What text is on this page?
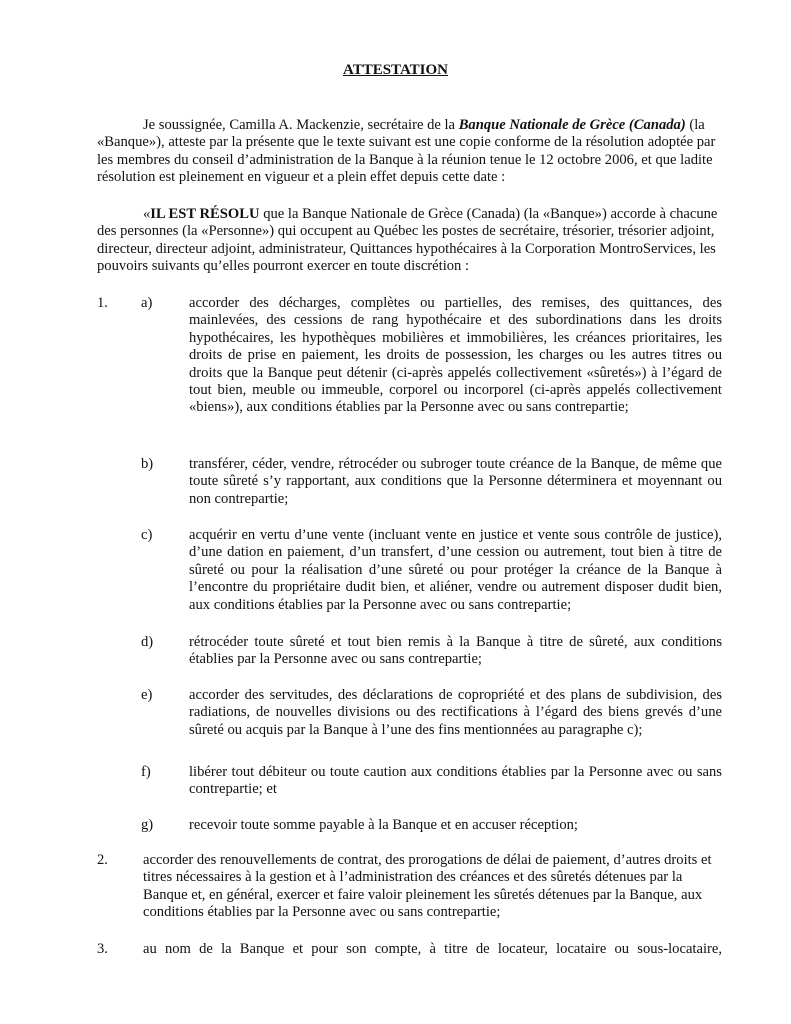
ATTESTATION

Je soussignée, Camilla A. Mackenzie, secrétaire de la Banque Nationale de Grèce (Canada) (la «Banque»), atteste par la présente que le texte suivant est une copie conforme de la résolution adoptée par les membres du conseil d’administration de la Banque à la réunion tenue le 12 octobre 2006, et que ladite résolution est pleinement en vigueur et a plein effet depuis cette date :

«IL EST RÉSOLU que la Banque Nationale de Grèce (Canada) (la «Banque») accorde à chacune des personnes (la «Personne») qui occupent au Québec les postes de secrétaire, trésorier, trésorier adjoint, directeur, directeur adjoint, administrateur, Quittances hypothécaires à la Corporation MontroServices, les pouvoirs suivants qu’elles pourront exercer en toute discrétion :

1. a)	accorder des décharges, complètes ou partielles, des remises, des quittances, des mainlevées, des cessions de rang hypothécaire et des subordinations dans les droits hypothécaires, les hypothèques mobilières et immobilières, les créances prioritaires, les droits de prise en paiement, les droits de possession, les charges ou les autres titres ou droits que la Banque peut détenir (ci-après appelés collectivement «sûretés») à l’égard de tout bien, meuble ou immeuble, corporel ou incorporel (ci-après appelés collectivement «biens»), aux conditions établies par la Personne avec ou sans contrepartie;

b) transférer, céder, vendre, rétrocéder ou subroger toute créance de la Banque, de même que toute sûreté s’y rapportant, aux conditions que la Personne déterminera et moyennant ou non contrepartie;

c)	acquérir en vertu d’une vente (incluant vente en justice et vente sous contrôle de justice), d’une dation en paiement, d’un transfert, d’une cession ou autrement, tout bien à titre de sûreté ou pour la réalisation d’une sûreté ou pour protéger la créance de la Banque à l’encontre du propriétaire dudit bien, et aliéner, vendre ou autrement disposer dudit bien, aux conditions établies par la Personne avec ou sans contrepartie;

d) rétrocéder toute sûreté et tout bien remis à la Banque à titre de sûreté, aux conditions établies par la Personne avec ou sans contrepartie;

e)	accorder des servitudes, des déclarations de copropriété et des plans de subdivision, des radiations, de nouvelles divisions ou des rectifications à l’égard des biens grevés d’une sûreté ou acquis par la Banque à l’une des fins mentionnées au paragraphe c);

f)	libérer tout débiteur ou toute caution aux conditions établies par la Personne avec ou sans contrepartie; et

g) recevoir toute somme payable à la Banque et en accuser réception;

2. accorder des renouvellements de contrat, des prorogations de délai de paiement, d’autres droits et titres nécessaires à la gestion et à l’administration des créances et des sûretés détenues par la Banque et, en général, exercer et faire valoir pleinement les sûretés détenues par la Banque, aux conditions établies par la Personne avec ou sans contrepartie;

3. au nom de la Banque et pour son compte, à titre de locateur, locataire ou sous-locataire,
